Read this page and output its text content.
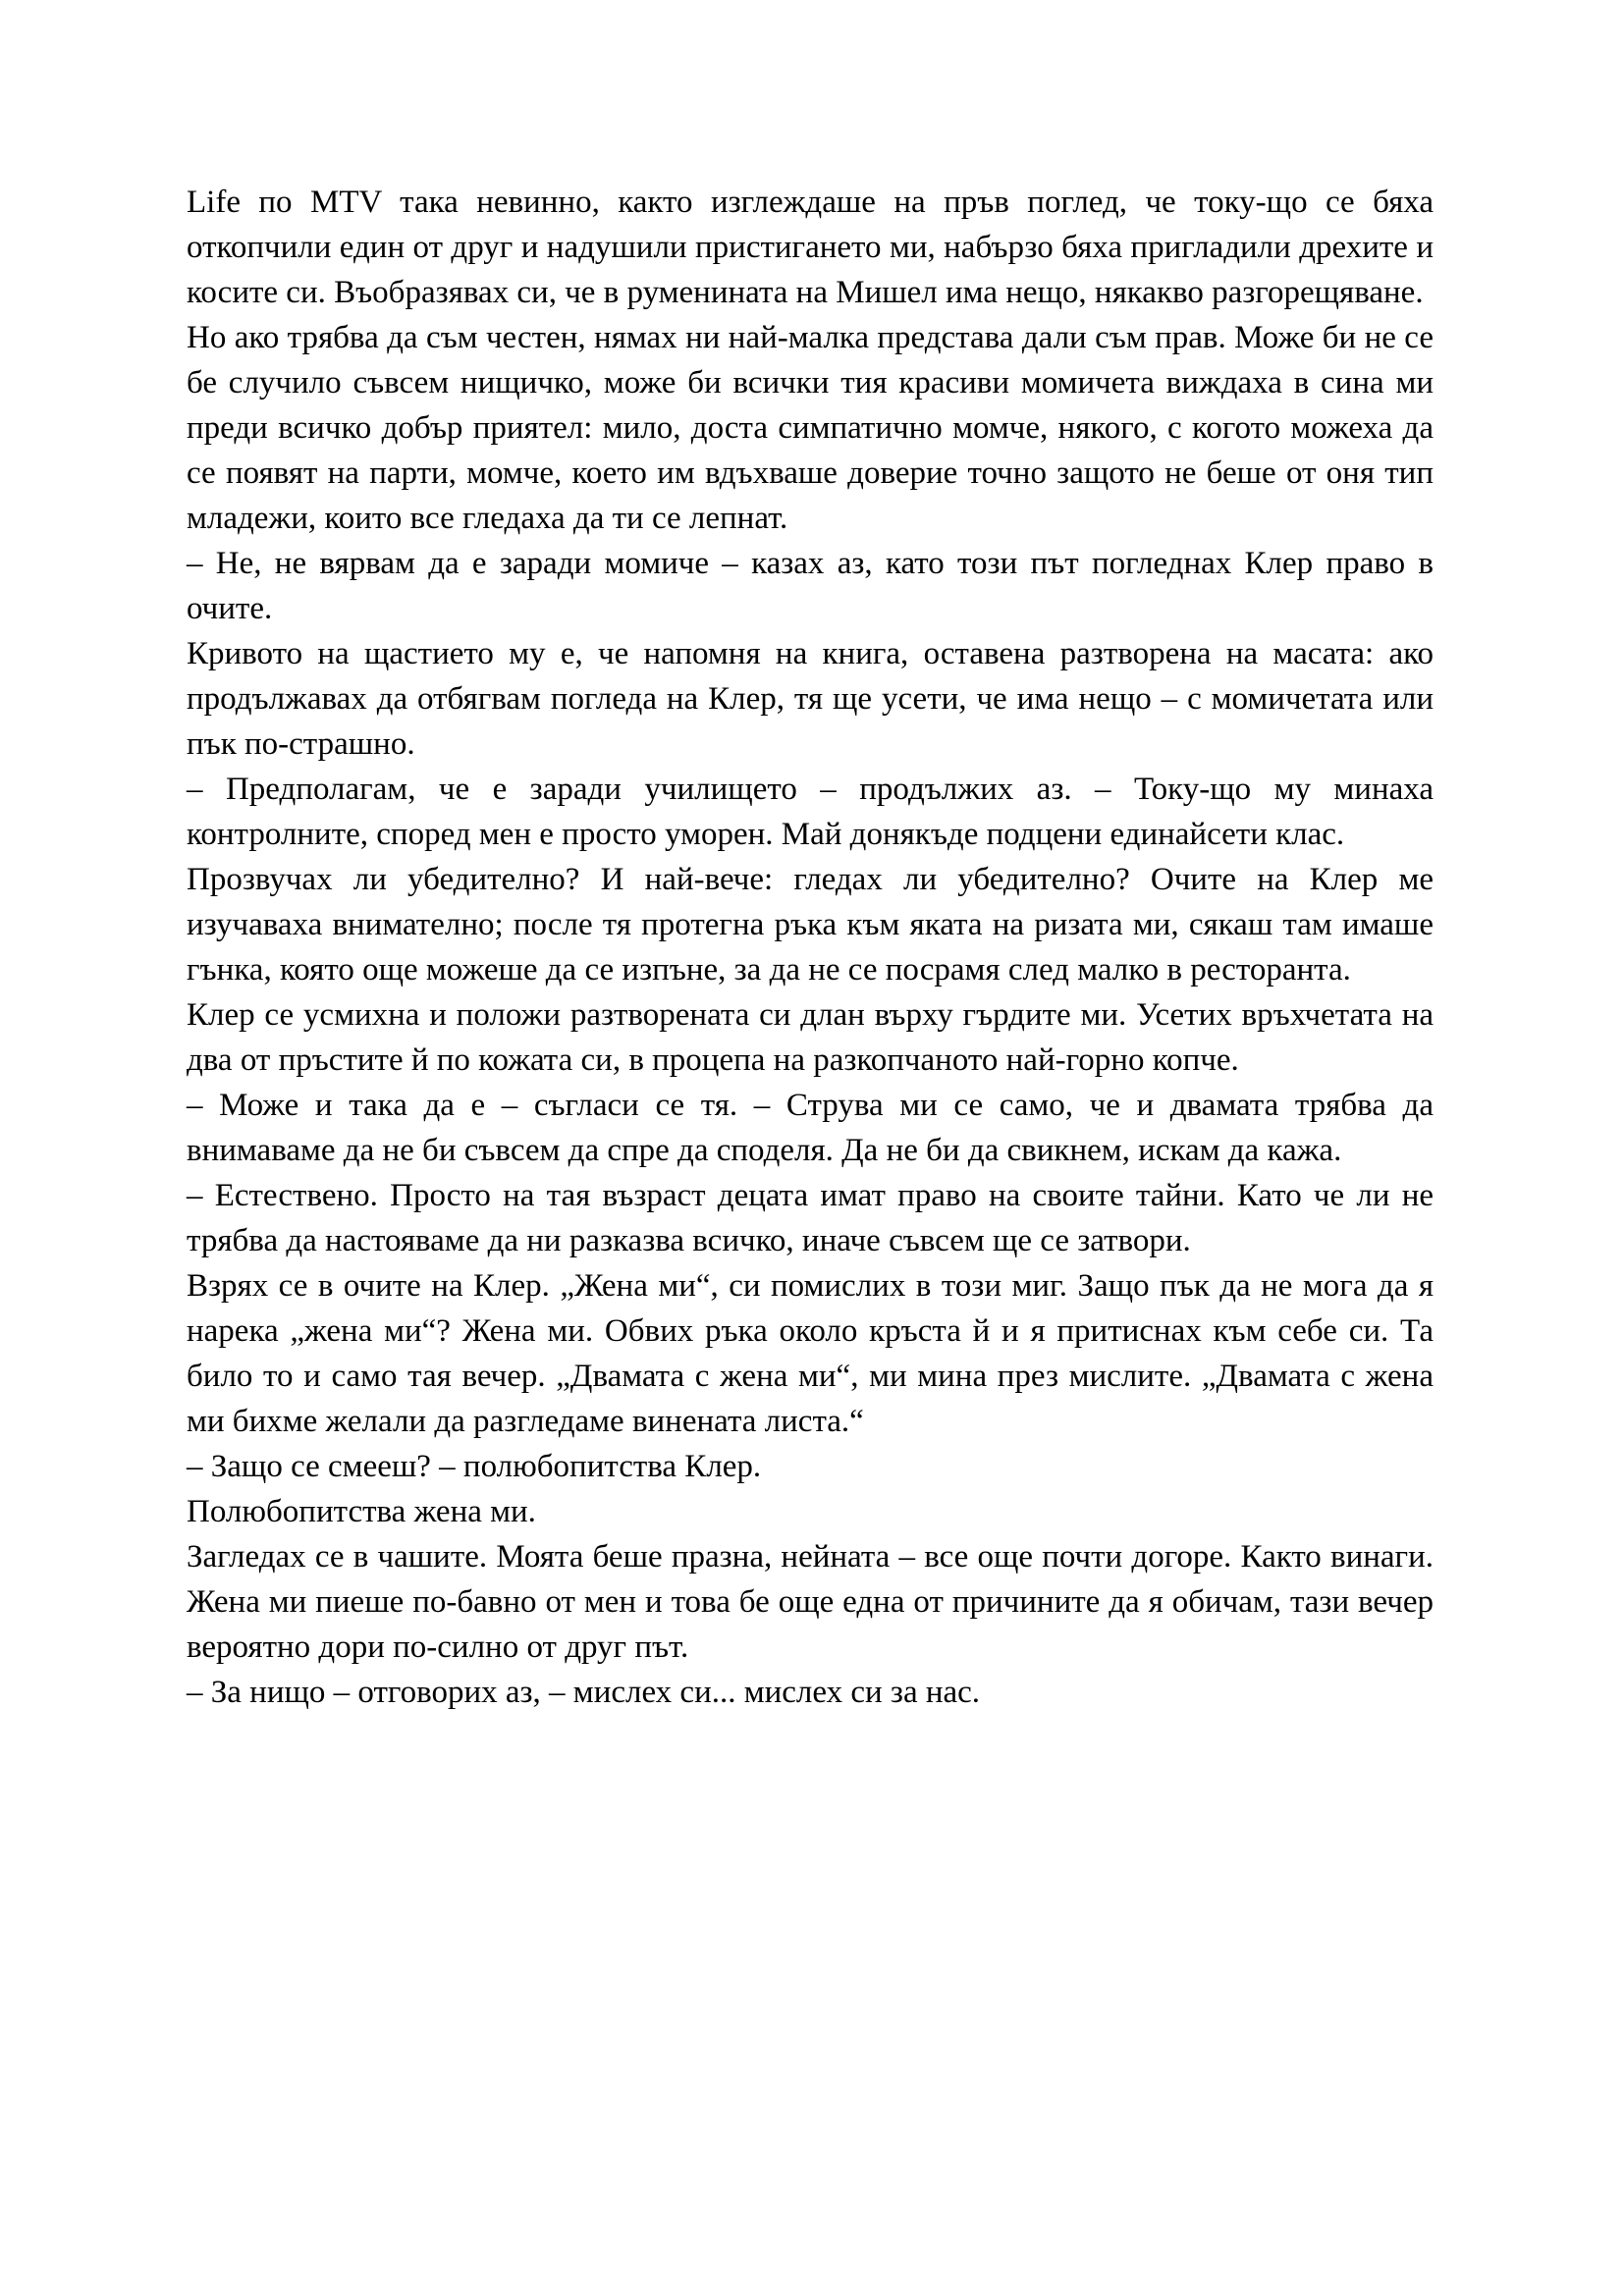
Life по MTV така невинно, както изглеждаше на пръв поглед, че току-що се бяха откопчили един от друг и надушили пристигането ми, набързо бяха пригладили дрехите и косите си. Въобразявах си, че в руменината на Мишел има нещо, някакво разгорещяване.

Но ако трябва да съм честен, нямах ни най-малка представа дали съм прав. Може би не се бе случило съвсем нищичко, може би всички тия красиви момичета виждаха в сина ми преди всичко добър приятел: мило, доста симпатично момче, някого, с когото можеха да се появят на парти, момче, което им вдъхваше доверие точно защото не беше от оня тип младежи, които все гледаха да ти се лепнат.

– Не, не вярвам да е заради момиче – казах аз, като този път погледнах Клер право в очите.

Кривото на щастието му е, че напомня на книга, оставена разтворена на масата: ако продължавах да отбягвам погледа на Клер, тя ще усети, че има нещо – с момичетата или пък по-страшно.

– Предполагам, че е заради училището – продължих аз. – Току-що му минаха контролните, според мен е просто уморен. Май донякъде подцени единайсети клас.

Прозвучах ли убедително? И най-вече: гледах ли убедително? Очите на Клер ме изучаваха внимателно; после тя протегна ръка към яката на ризата ми, сякаш там имаше гънка, която още можеше да се изпъне, за да не се посрамя след малко в ресторанта.

Клер се усмихна и положи разтворената си длан върху гърдите ми. Усетих връхчетата на два от пръстите й по кожата си, в процепа на разкопчаното най-горно копче.

– Може и така да е – съгласи се тя. – Струва ми се само, че и двамата трябва да внимаваме да не би съвсем да спре да споделя. Да не би да свикнем, искам да кажа.

– Естествено. Просто на тая възраст децата имат право на своите тайни. Като че ли не трябва да настояваме да ни разказва всичко, иначе съвсем ще се затвори.

Взрях се в очите на Клер. „Жена ми“, си помислих в този миг. Защо пък да не мога да я нарека „жена ми“? Жена ми. Обвих ръка около кръста й и я притиснах към себе си. Та било то и само тая вечер. „Двамата с жена ми“, ми мина през мислите. „Двамата с жена ми бихме желали да разгледаме винената листа.“

– Защо се смееш? – полюбопитства Клер.

Полюбопитства жена ми.

Загледах се в чашите. Моята беше празна, нейната – все още почти догоре. Както винаги. Жена ми пиеше по-бавно от мен и това бе още една от причините да я обичам, тази вечер вероятно дори по-силно от друг път.

– За нищо – отговорих аз, – мислех си... мислех си за нас.
